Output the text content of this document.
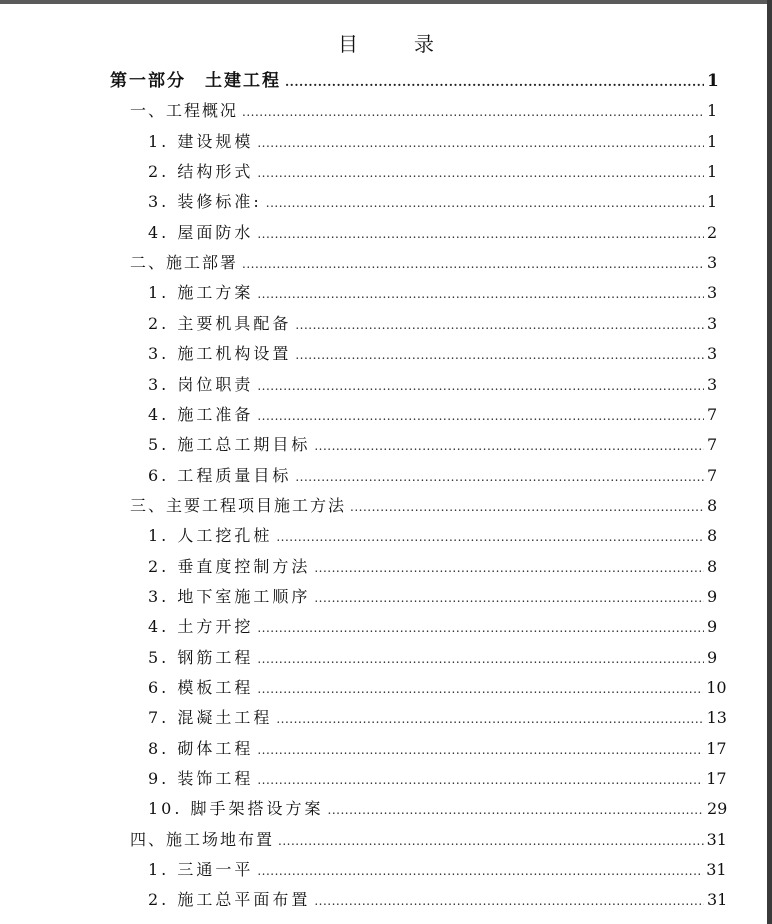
目	录
第一部分　土建工程 .....	1
一、工程概况 .....	1
1. 建设规模 .....	1
2. 结构形式 .....	1
3. 装修标准: .....	1
4. 屋面防水 .....	2
二、施工部署 .....	3
1. 施工方案 .....	3
2. 主要机具配备 .....	3
3. 施工机构设置 .....	3
3. 岗位职责 .....	3
4. 施工准备 .....	7
5. 施工总工期目标 .....	7
6. 工程质量目标 .....	7
三、主要工程项目施工方法 .....	8
1. 人工挖孔桩 .....	8
2. 垂直度控制方法 .....	8
3. 地下室施工顺序 .....	9
4. 土方开挖 .....	9
5. 钢筋工程 .....	9
6. 模板工程 .....	10
7. 混凝土工程 .....	13
8. 砌体工程 .....	17
9. 装饰工程 .....	17
10. 脚手架搭设方案 .....	29
四、施工场地布置 .....	31
1. 三通一平 .....	31
2. 施工总平面布置 .....	31
